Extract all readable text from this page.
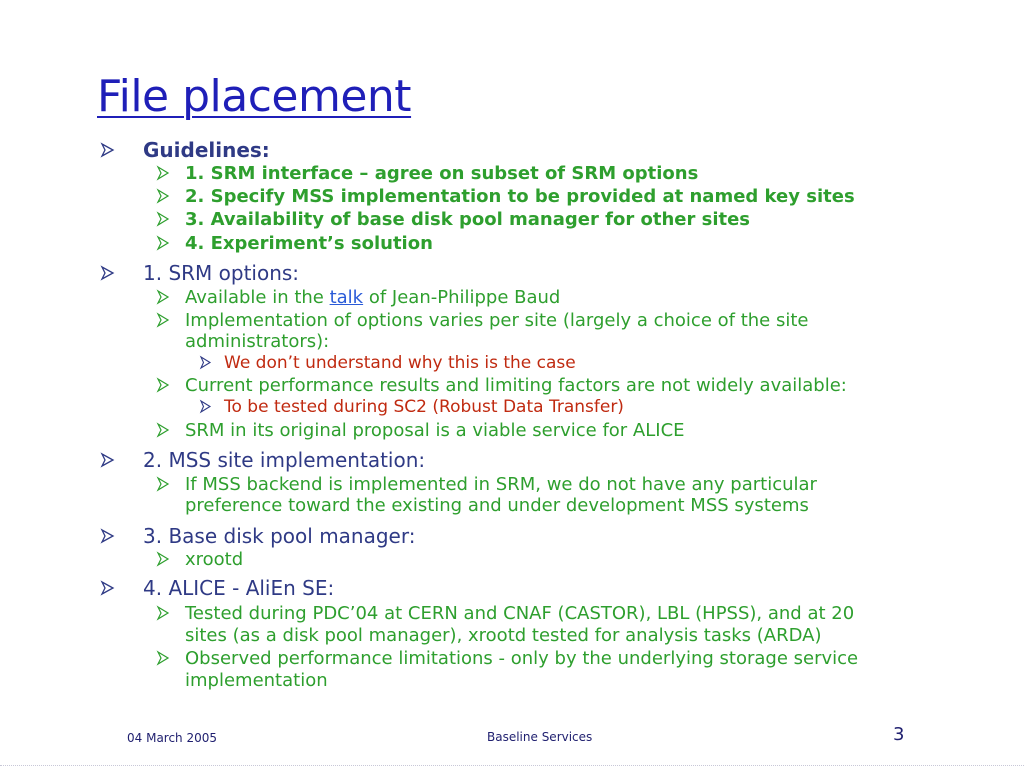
File placement
Guidelines:
1. SRM interface – agree on subset of SRM options
2. Specify MSS implementation to be provided at named key sites
3. Availability of base disk pool manager for other sites
4. Experiment’s solution
1. SRM options:
Available in the talk of Jean-Philippe Baud
Implementation of options varies per site (largely a choice of the site
administrators):
We don’t understand why this is the case
Current performance results and limiting factors are not widely available:
To be tested during SC2 (Robust Data Transfer)
SRM in its original proposal is a viable service for ALICE
2. MSS site implementation:
If MSS backend is implemented in SRM, we do not have any particular
preference toward the existing and under development MSS systems
3. Base disk pool manager:
xrootd
4. ALICE - AliEn SE:
Tested during PDC’04 at CERN and CNAF (CASTOR), LBL (HPSS), and at 20
sites (as a disk pool manager), xrootd tested for analysis tasks (ARDA)
Observed performance limitations - only by the underlying storage service
implementation
04 March 2005	Baseline Services	3
